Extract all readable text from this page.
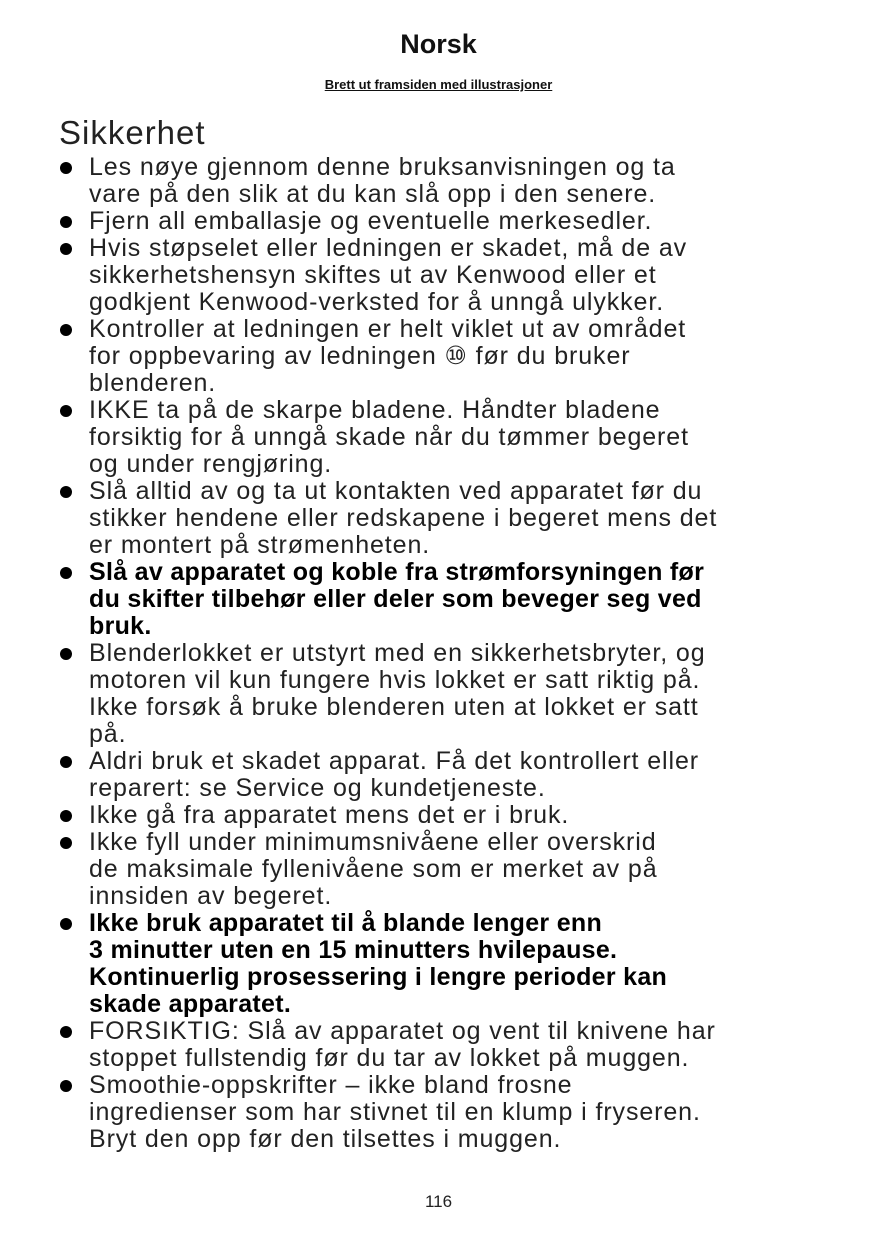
Norsk
Brett ut framsiden med illustrasjoner
Sikkerhet
Les nøye gjennom denne bruksanvisningen og ta
vare på den slik at du kan slå opp i den senere.
Fjern all emballasje og eventuelle merkesedler.
Hvis støpselet eller ledningen er skadet, må de av
sikkerhetshensyn skiftes ut av Kenwood eller et
godkjent Kenwood-verksted for å unngå ulykker.
Kontroller at ledningen er helt viklet ut av området
for oppbevaring av ledningen ⑩ før du bruker
blenderen.
IKKE ta på de skarpe bladene. Håndter bladene
forsiktig for å unngå skade når du tømmer begeret
og under rengjøring.
Slå alltid av og ta ut kontakten ved apparatet før du
stikker hendene eller redskapene i begeret mens det
er montert på strømenheten.
Slå av apparatet og koble fra strømforsyningen før
du skifter tilbehør eller deler som beveger seg ved
bruk.
Blenderlokket er utstyrt med en sikkerhetsbryter, og
motoren vil kun fungere hvis lokket er satt riktig på.
Ikke forsøk å bruke blenderen uten at lokket er satt
på.
Aldri bruk et skadet apparat. Få det kontrollert eller
reparert: se Service og kundetjeneste.
Ikke gå fra apparatet mens det er i bruk.
Ikke fyll under minimumsnivåene eller overskrid
de maksimale fyllenivåene som er merket av på
innsiden av begeret.
Ikke bruk apparatet til å blande lenger enn
3 minutter uten en 15 minutters hvilepause.
Kontinuerlig prosessering i lengre perioder kan
skade apparatet.
FORSIKTIG: Slå av apparatet og vent til knivene har
stoppet fullstendig før du tar av lokket på muggen.
Smoothie-oppskrifter – ikke bland frosne
ingredienser som har stivnet til en klump i fryseren.
Bryt den opp før den tilsettes i muggen.
116
